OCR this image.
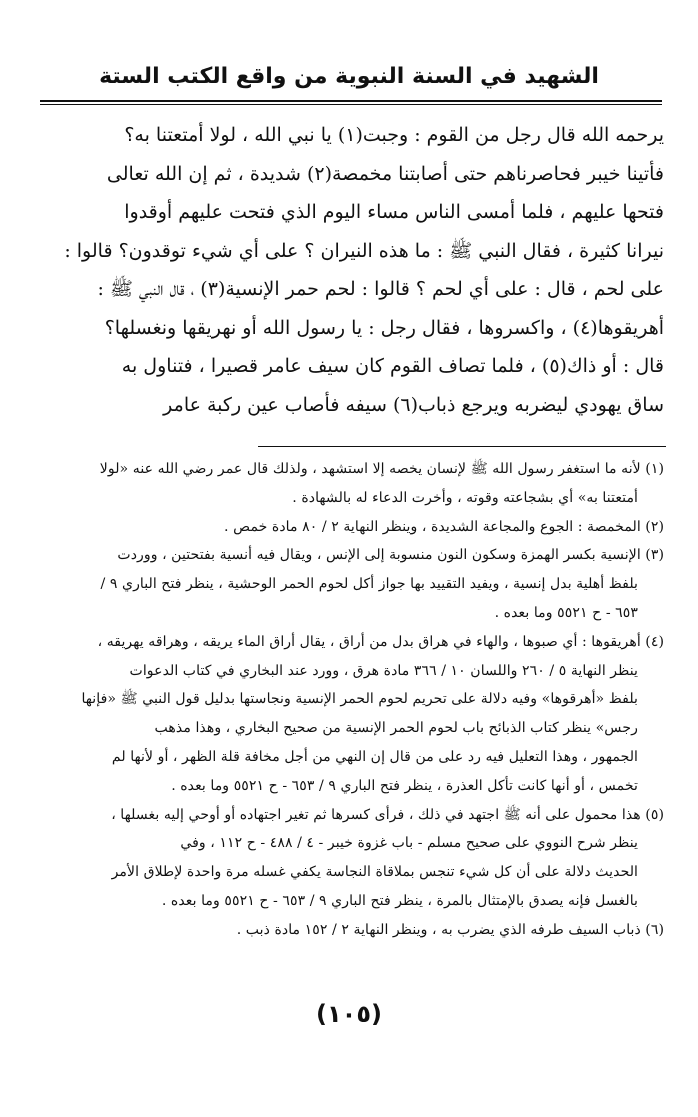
الشهيد في السنة النبوية من واقع الكتب الستة
يرحمه الله قال رجل من القوم : وجبت(١) يا نبي الله ، لولا أمتعتنا به؟
فأتينا خيبر فحاصرناهم حتى أصابتنا مخمصة(٢) شديدة ، ثم إن الله تعالى
فتحها عليهم ، فلما أمسى الناس مساء اليوم الذي فتحت عليهم أوقدوا
نيرانا كثيرة ، فقال النبي ﷺ : ما هذه النيران ؟ على أي شيء توقدون؟ قالوا :
على لحم ، قال : على أي لحم ؟ قالوا : لحم حمر الإنسية(٣) ، قال النبي ﷺ :
أهريقوها(٤) ، واكسروها ، فقال رجل : يا رسول الله أو نهريقها ونغسلها؟
قال : أو ذاك(٥) ، فلما تصاف القوم كان سيف عامر قصيرا ، فتناول به
ساق يهودي ليضربه ويرجع ذباب(٦) سيفه فأصاب عين ركبة عامر
(١) لأنه ما استغفر رسول الله ﷺ لإنسان يخصه إلا استشهد ، ولذلك قال عمر رضي الله عنه «لولا
أمتعتنا به» أي بشجاعته وقوته ، وأخرت الدعاء له بالشهادة .
(٢) المخمصة : الجوع والمجاعة الشديدة ، وينظر النهاية ٢ / ٨٠ مادة خمص .
(٣) الإنسية بكسر الهمزة وسكون النون منسوبة إلى الإنس ، ويقال فيه أنسية بفتحتين ، ووردت
بلفظ أهلية بدل إنسية ، ويفيد التقييد بها جواز أكل لحوم الحمر الوحشية ، ينظر فتح الباري ٩ /
٦٥٣ - ح ٥٥٢١ وما بعده .
(٤) أهريقوها : أي صبوها ، والهاء في هراق بدل من أراق ، يقال أراق الماء يريقه ، وهراقه يهريقه ،
ينظر النهاية ٥ / ٢٦٠ واللسان ١٠ / ٣٦٦ مادة هرق ، وورد عند البخاري في كتاب الدعوات
بلفظ «أهرقوها» وفيه دلالة على تحريم لحوم الحمر الإنسية ونجاستها بدليل قول النبي ﷺ «فإنها
رجس» ينظر كتاب الذبائح باب لحوم الحمر الإنسية من صحيح البخاري ، وهذا مذهب
الجمهور ، وهذا التعليل فيه رد على من قال إن النهي من أجل مخافة قلة الظهر ، أو لأنها لم
تخمس ، أو أنها كانت تأكل العذرة ، ينظر فتح الباري ٩ / ٦٥٣ - ح ٥٥٢١ وما بعده .
(٥) هذا محمول على أنه ﷺ اجتهد في ذلك ، فرأى كسرها ثم تغير اجتهاده أو أوحي إليه بغسلها ،
ينظر شرح النووي على صحيح مسلم - باب غزوة خيبر - ٤ / ٤٨٨ - ح ١١٢ ، وفي
الحديث دلالة على أن كل شيء تنجس بملاقاة النجاسة يكفي غسله مرة واحدة لإطلاق الأمر
بالغسل فإنه يصدق بالإمتثال بالمرة ، ينظر فتح الباري ٩ / ٦٥٣ - ح ٥٥٢١ وما بعده .
(٦) ذباب السيف طرفه الذي يضرب به ، وينظر النهاية ٢ / ١٥٢ مادة ذبب .
(١٠٥)
